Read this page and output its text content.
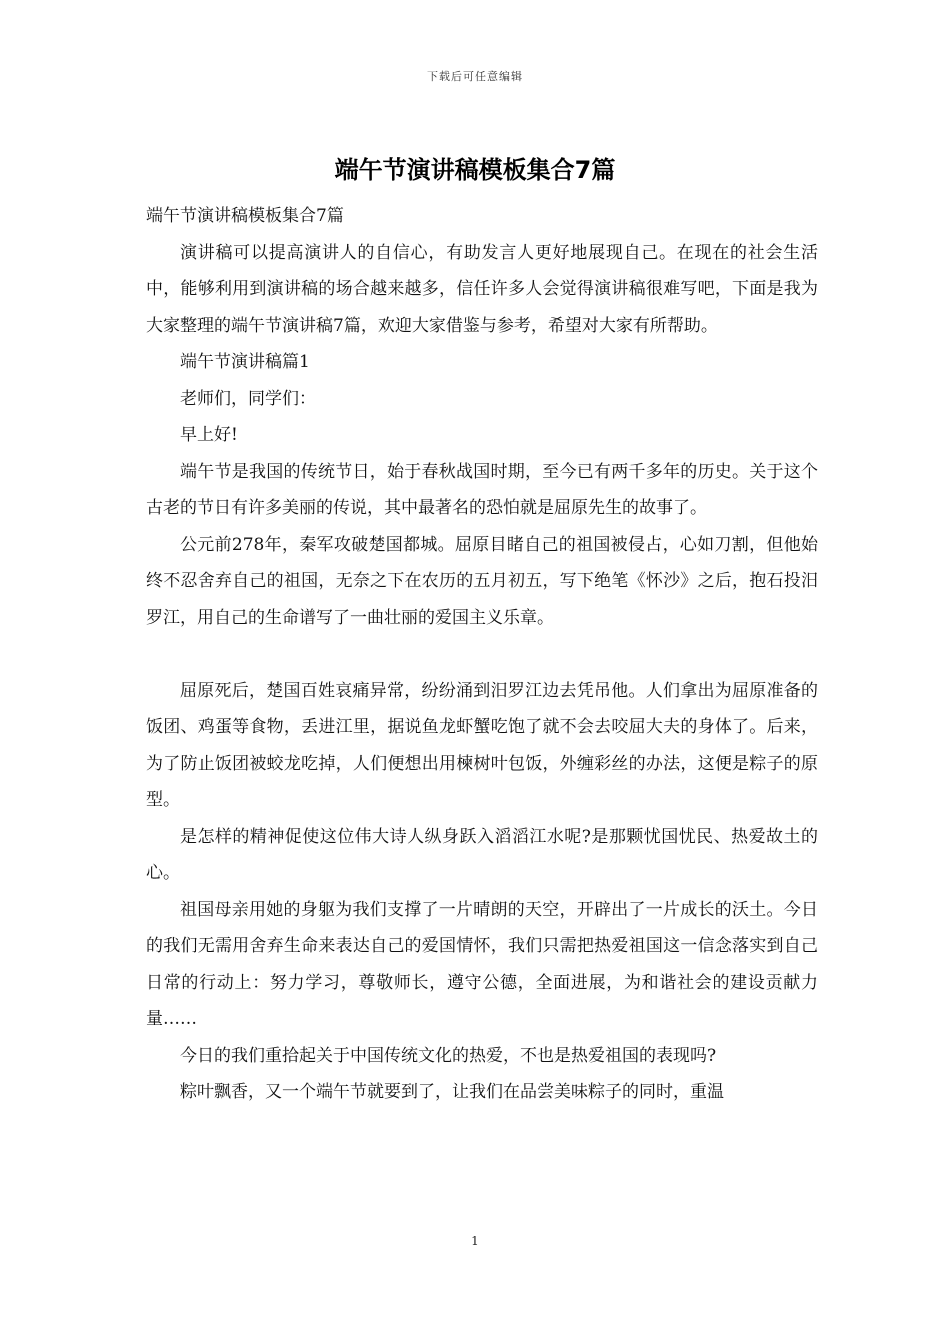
下载后可任意编辑
端午节演讲稿模板集合7篇

端午节演讲稿模板集合7篇

演讲稿可以提高演讲人的自信心，有助发言人更好地展现自己。在现在的社会生活中，能够利用到演讲稿的场合越来越多，信任许多人会觉得演讲稿很难写吧，下面是我为大家整理的端午节演讲稿7篇，欢迎大家借鉴与参考，希望对大家有所帮助。

端午节演讲稿篇1

老师们，同学们：

早上好!

端午节是我国的传统节日，始于春秋战国时期，至今已有两千多年的历史。关于这个古老的节日有许多美丽的传说，其中最著名的恐怕就是屈原先生的故事了。

公元前278年，秦军攻破楚国都城。屈原目睹自己的祖国被侵占，心如刀割，但他始终不忍舍弃自己的祖国，无奈之下在农历的五月初五，写下绝笔《怀沙》之后，抱石投汨罗江，用自己的生命谱写了一曲壮丽的爱国主义乐章。

屈原死后，楚国百姓哀痛异常，纷纷涌到汨罗江边去凭吊他。人们拿出为屈原准备的饭团、鸡蛋等食物，丢进江里，据说鱼龙虾蟹吃饱了就不会去咬屈大夫的身体了。后来，为了防止饭团被蛟龙吃掉，人们便想出用楝树叶包饭，外缠彩丝的办法，这便是粽子的原型。

是怎样的精神促使这位伟大诗人纵身跃入滔滔江水呢?是那颗忧国忧民、热爱故土的心。

祖国母亲用她的身躯为我们支撑了一片晴朗的天空，开辟出了一片成长的沃土。今日的我们无需用舍弃生命来表达自己的爱国情怀，我们只需把热爱祖国这一信念落实到自己日常的行动上：努力学习，尊敬师长，遵守公德，全面进展，为和谐社会的建设贡献力量……

今日的我们重拾起关于中国传统文化的热爱，不也是热爱祖国的表现吗?

粽叶飘香，又一个端午节就要到了，让我们在品尝美味粽子的同时，重温

1
